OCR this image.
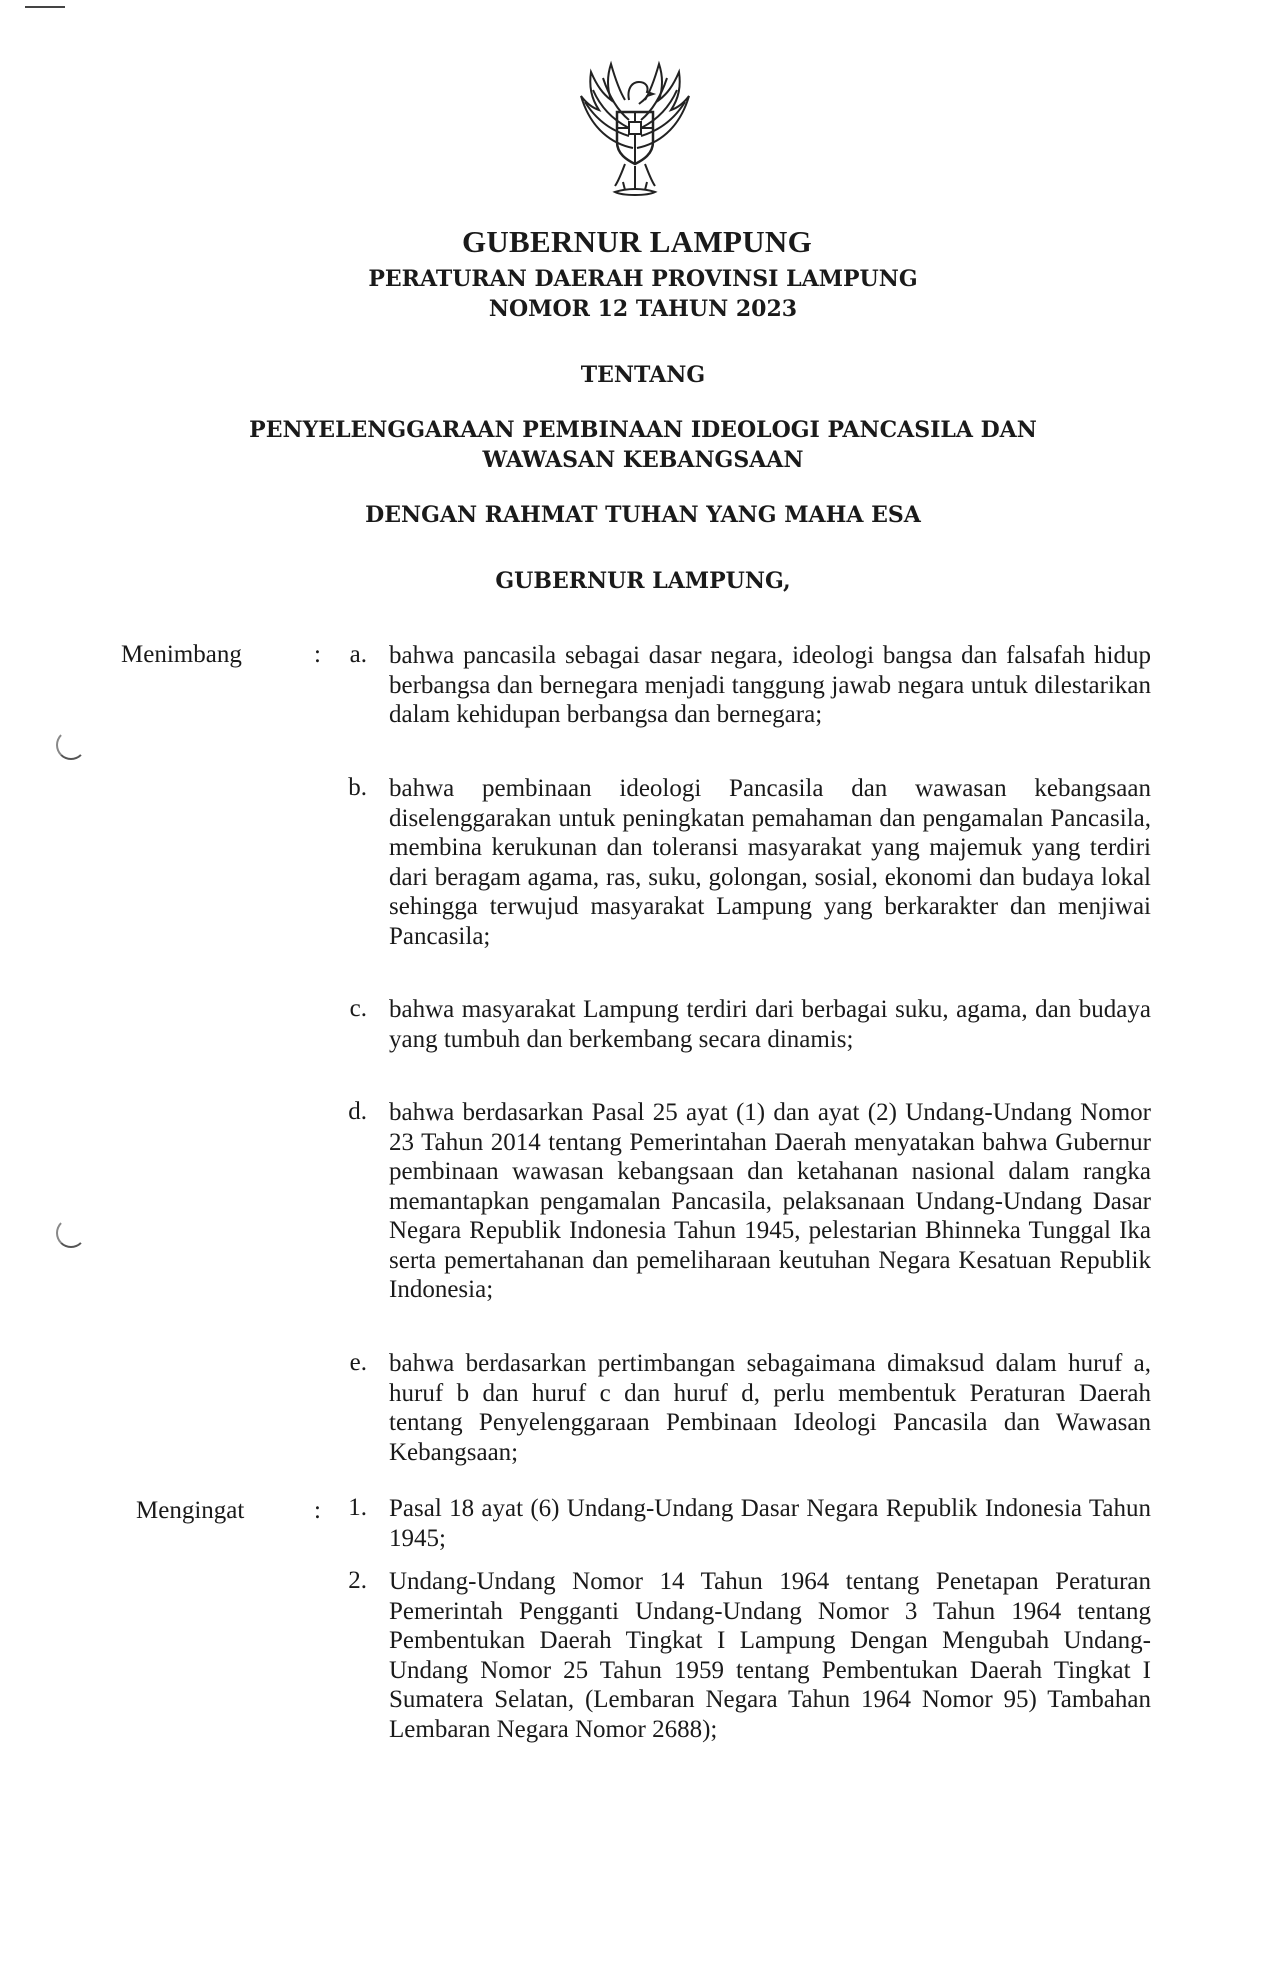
GUBERNUR LAMPUNG
PERATURAN DAERAH PROVINSI LAMPUNG
NOMOR 12 TAHUN 2023
TENTANG
PENYELENGGARAAN PEMBINAAN IDEOLOGI PANCASILA DAN
WAWASAN KEBANGSAAN
DENGAN RAHMAT TUHAN YANG MAHA ESA
GUBERNUR LAMPUNG,
Menimbang	:	a. bahwa pancasila sebagai dasar negara, ideologi bangsa dan falsafah hidup berbangsa dan bernegara menjadi tanggung jawab negara untuk dilestarikan dalam kehidupan berbangsa dan bernegara;
b. bahwa pembinaan ideologi Pancasila dan wawasan kebangsaan diselenggarakan untuk peningkatan pemahaman dan pengamalan Pancasila, membina kerukunan dan toleransi masyarakat yang majemuk yang terdiri dari beragam agama, ras, suku, golongan, sosial, ekonomi dan budaya lokal sehingga terwujud masyarakat Lampung yang berkarakter dan menjiwai Pancasila;
c. bahwa masyarakat Lampung terdiri dari berbagai suku, agama, dan budaya yang tumbuh dan berkembang secara dinamis;
d. bahwa berdasarkan Pasal 25 ayat (1) dan ayat (2) Undang-Undang Nomor 23 Tahun 2014 tentang Pemerintahan Daerah menyatakan bahwa Gubernur pembinaan wawasan kebangsaan dan ketahanan nasional dalam rangka memantapkan pengamalan Pancasila, pelaksanaan Undang-Undang Dasar Negara Republik Indonesia Tahun 1945, pelestarian Bhinneka Tunggal Ika serta pemertahanan dan pemeliharaan keutuhan Negara Kesatuan Republik Indonesia;
e. bahwa berdasarkan pertimbangan sebagaimana dimaksud dalam huruf a, huruf b dan huruf c dan huruf d, perlu membentuk Peraturan Daerah tentang Penyelenggaraan Pembinaan Ideologi Pancasila dan Wawasan Kebangsaan;
Mengingat	:	1. Pasal 18 ayat (6) Undang-Undang Dasar Negara Republik Indonesia Tahun 1945;
2. Undang-Undang Nomor 14 Tahun 1964 tentang Penetapan Peraturan Pemerintah Pengganti Undang-Undang Nomor 3 Tahun 1964 tentang Pembentukan Daerah Tingkat I Lampung Dengan Mengubah Undang-Undang Nomor 25 Tahun 1959 tentang Pembentukan Daerah Tingkat I Sumatera Selatan, (Lembaran Negara Tahun 1964 Nomor 95) Tambahan Lembaran Negara Nomor 2688);
